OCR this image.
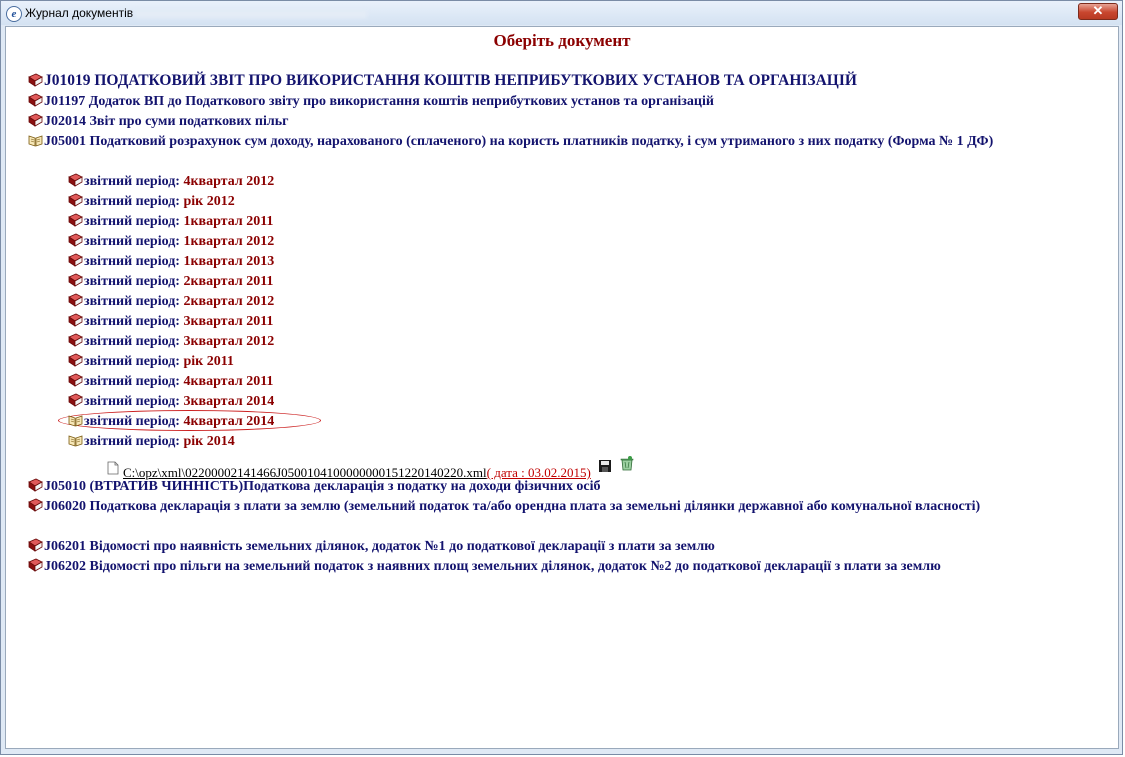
e Журнал документів	✕
Оберіть документ
J01019 ПОДАТКОВИЙ ЗВІТ ПРО ВИКОРИСТАННЯ КОШТІВ НЕПРИБУТКОВИХ УСТАНОВ ТА ОРГАНІЗАЦІЙ
J01197 Додаток ВП до Податкового звіту про використання коштів неприбуткових установ та організацій
J02014 Звіт про суми податкових пільг
J05001 Податковий розрахунок сум доходу, нарахованого (сплаченого) на користь платників податку, і сум утриманого з них податку (Форма № 1 ДФ)
звітний період: 4квартал 2012
звітний період: рік 2012
звітний період: 1квартал 2011
звітний період: 1квартал 2012
звітний період: 1квартал 2013
звітний період: 2квартал 2011
звітний період: 2квартал 2012
звітний період: 3квартал 2011
звітний період: 3квартал 2012
звітний період: рік 2011
звітний період: 4квартал 2011
звітний період: 3квартал 2014
звітний період: 4квартал 2014
звітний період: рік 2014
C:\opz\xml\02200002141466J0500104100000000151220140220.xml( дата : 03.02.2015)
J05010 (ВТРАТИВ ЧИННІСТЬ)Податкова декларація з податку на доходи фізичних осіб
J06020 Податкова декларація з плати за землю (земельний податок та/або орендна плата за земельні ділянки державної або комунальної власності)
J06201 Відомості про наявність земельних ділянок, додаток №1 до податкової декларації з плати за землю
J06202 Відомості про пільги на земельний податок з наявних площ земельних ділянок, додаток №2 до податкової декларації з плати за землю
